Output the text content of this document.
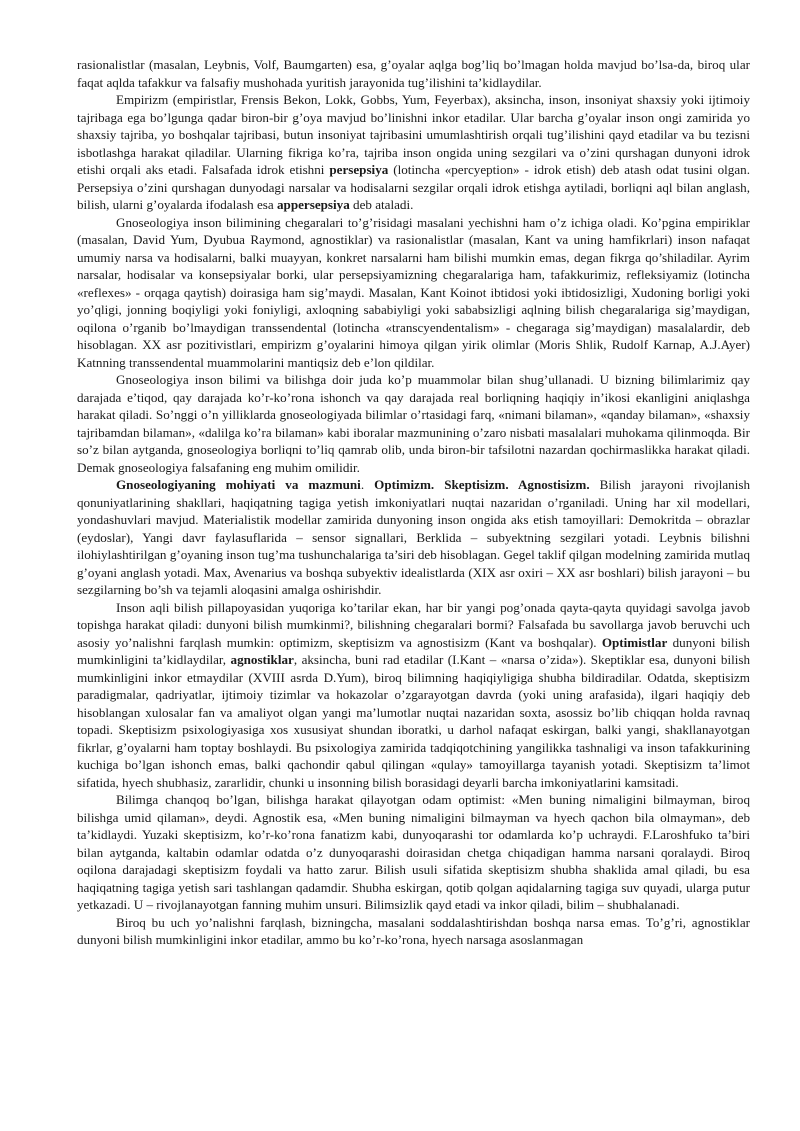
rasionalistlar (masalan, Leybnis, Volf, Baumgarten) esa, g’oyalar aqlga bog’liq bo’lmagan holda mavjud bo’lsa-da, biroq ular faqat aqlda tafakkur va falsafiy mushohada yuritish jarayonida tug’ilishini ta’kidlaydilar.

Empirizm (empiristlar, Frensis Bekon, Lokk, Gobbs, Yum, Feyerbax), aksincha, inson, insoniyat shaxsiy yoki ijtimoiy tajribaga ega bo’lgunga qadar biron-bir g’oya mavjud bo’linishni inkor etadilar. Ular barcha g’oyalar inson ongi zamirida yo shaxsiy tajriba, yo boshqalar tajribasi, butun insoniyat tajribasini umumlashtirish orqali tug’ilishini qayd etadilar va bu tezisni isbotlashga harakat qiladilar. Ularning fikriga ko’ra, tajriba inson ongida uning sezgilari va o’zini qurshagan dunyoni idrok etishi orqali aks etadi. Falsafada idrok etishni persepsiya (lotincha «percyeption» - idrok etish) deb atash odat tusini olgan. Persepsiya o’zini qurshagan dunyodagi narsalar va hodisalarni sezgilar orqali idrok etishga aytiladi, borliqni aql bilan anglash, bilish, ularni g’oyalarda ifodalash esa appersepsiya deb ataladi.

Gnoseologiya inson bilimining chegaralari to’g’risidagi masalani yechishni ham o’z ichiga oladi. Ko’pgina empiriklar (masalan, David Yum, Dyubua Raymond, agnostiklar) va rasionalistlar (masalan, Kant va uning hamfikrlari) inson nafaqat umumiy narsa va hodisalarni, balki muayyan, konkret narsalarni ham bilishi mumkin emas, degan fikrga qo’shiladilar. Ayrim narsalar, hodisalar va konsepsiyalar borki, ular persepsiyamizning chegaralariga ham, tafakkurimiz, refleksiyamiz (lotincha «reflexes» - orqaga qaytish) doirasiga ham sig’maydi. Masalan, Kant Koinot ibtidosi yoki ibtidosizligi, Xudoning borligi yoki yo’qligi, jonning boqiyligi yoki foniyligi, axloqning sababiyligi yoki sababsizligi aqlning bilish chegaralariga sig’maydigan, oqilona o’rganib bo’lmaydigan transsendental (lotincha «transcyendentalism» - chegaraga sig’maydigan) masalalardir, deb hisoblagan. XX asr pozitivistlari, empirizm g’oyalarini himoya qilgan yirik olimlar (Moris Shlik, Rudolf Karnap, A.J.Ayer) Katnning transsendental muammolarini mantiqsiz deb e’lon qildilar.

Gnoseologiya inson bilimi va bilishga doir juda ko’p muammolar bilan shug’ullanadi. U bizning bilimlarimiz qay darajada e’tiqod, qay darajada ko’r-ko’rona ishonch va qay darajada real borliqning haqiqiy in’ikosi ekanligini aniqlashga harakat qiladi. So’nggi o’n yilliklarda gnoseologiyada bilimlar o’rtasidagi farq, «nimani bilaman», «qanday bilaman», «shaxsiy tajribamdan bilaman», «dalilga ko’ra bilaman» kabi iboralar mazmunining o’zaro nisbati masalalari muhokama qilinmoqda. Bir so’z bilan aytganda, gnoseologiya borliqni to’liq qamrab olib, unda biron-bir tafsilotni nazardan qochirmaslikka harakat qiladi. Demak gnoseologiya falsafaning eng muhim omilidir.

Gnoseologiyaning mohiyati va mazmuni. Optimizm. Skeptisizm. Agnostisizm. Bilish jarayoni rivojlanish qonuniyatlarining shakllari, haqiqatning tagiga yetish imkoniyatlari nuqtai nazaridan o’rganiladi. Uning har xil modellari, yondashuvlari mavjud. Materialistik modellar zamirida dunyoning inson ongida aks etish tamoyillari: Demokritda – obrazlar (eydoslar), Yangi davr faylasuflarida – sensor signallari, Berklida – subyektning sezgilari yotadi. Leybnis bilishni ilohiylashtirilgan g’oyaning inson tug’ma tushunchalariga ta’siri deb hisoblagan. Gegel taklif qilgan modelning zamirida mutlaq g’oyani anglash yotadi. Max, Avenarius va boshqa subyektiv idealistlarda (XIX asr oxiri – XX asr boshlari) bilish jarayoni – bu sezgilarning bo’sh va tejamli aloqasini amalga oshirishdir.

Inson aqli bilish pillapoyasidan yuqoriga ko’tarilar ekan, har bir yangi pog’onada qayta-qayta quyidagi savolga javob topishga harakat qiladi: dunyoni bilish mumkinmi?, bilishning chegaralari bormi? Falsafada bu savollarga javob beruvchi uch asosiy yo’nalishni farqlash mumkin: optimizm, skeptisizm va agnostisizm (Kant va boshqalar). Optimistlar dunyoni bilish mumkinligini ta’kidlaydilar, agnostiklar, aksincha, buni rad etadilar (I.Kant – «narsa o’zida»). Skeptiklar esa, dunyoni bilish mumkinligini inkor etmaydilar (XVIII asrda D.Yum), biroq bilimning haqiqiyligiga shubha bildiradilar. Odatda, skeptisizm paradigmalar, qadriyatlar, ijtimoiy tizimlar va hokazolar o’zgarayotgan davrda (yoki uning arafasida), ilgari haqiqiy deb hisoblangan xulosalar fan va amaliyot olgan yangi ma’lumotlar nuqtai nazaridan soxta, asossiz bo’lib chiqqan holda ravnaq topadi. Skeptisizm psixologiyasiga xos xususiyat shundan iboratki, u darhol nafaqat eskirgan, balki yangi, shakllanayotgan fikrlar, g’oyalarni ham toptay boshlaydi. Bu psixologiya zamirida tadqiqotchining yangilikka tashnaligi va inson tafakkurining kuchiga bo’lgan ishonch emas, balki qachondir qabul qilingan «qulay» tamoyillarga tayanish yotadi. Skeptisizm ta’limot sifatida, hyech shubhasiz, zararlidir, chunki u insonning bilish borasidagi deyarli barcha imkoniyatlarini kamsitadi.

Bilimga chanqoq bo’lgan, bilishga harakat qilayotgan odam optimist: «Men buning nimaligini bilmayman, biroq bilishga umid qilaman», deydi. Agnostik esa, «Men buning nimaligini bilmayman va hyech qachon bila olmayman», deb ta’kidlaydi. Yuzaki skeptisizm, ko’r-ko’rona fanatizm kabi, dunyoqarashi tor odamlarda ko’p uchraydi. F.Laroshfuko ta’biri bilan aytganda, kaltabin odamlar odatda o’z dunyoqarashi doirasidan chetga chiqadigan hamma narsani qoralaydi. Biroq oqilona darajadagi skeptisizm foydali va hatto zarur. Bilish usuli sifatida skeptisizm shubha shaklida amal qiladi, bu esa haqiqatning tagiga yetish sari tashlangan qadamdir. Shubha eskirgan, qotib qolgan aqidalarning tagiga suv quyadi, ularga putur yetkazadi. U – rivojlanayotgan fanning muhim unsuri. Bilimsizlik qayd etadi va inkor qiladi, bilim – shubhalanadi.

Biroq bu uch yo’nalishni farqlash, bizningcha, masalani soddalashtirishdan boshqa narsa emas. To’g’ri, agnostiklar dunyoni bilish mumkinligini inkor etadilar, ammo bu ko’r-ko’rona, hyech narsaga asoslanmagan
